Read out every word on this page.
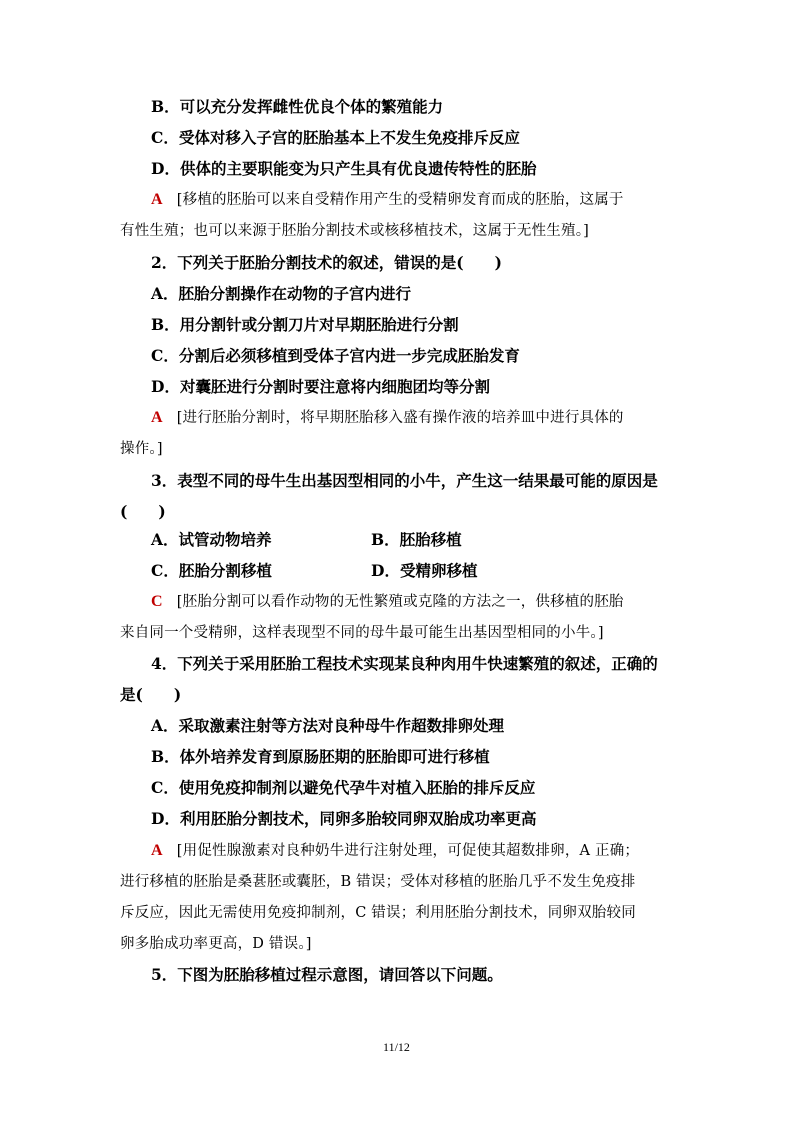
B．可以充分发挥雌性优良个体的繁殖能力
C．受体对移入子宫的胚胎基本上不发生免疫排斥反应
D．供体的主要职能变为只产生具有优良遗传特性的胚胎
A [移植的胚胎可以来自受精作用产生的受精卵发育而成的胚胎，这属于
有性生殖；也可以来源于胚胎分割技术或核移植技术，这属于无性生殖。]
2．下列关于胚胎分割技术的叙述，错误的是(　　)
A．胚胎分割操作在动物的子宫内进行
B．用分割针或分割刀片对早期胚胎进行分割
C．分割后必须移植到受体子宫内进一步完成胚胎发育
D．对囊胚进行分割时要注意将内细胞团均等分割
A [进行胚胎分割时，将早期胚胎移入盛有操作液的培养皿中进行具体的
操作。]
3．表型不同的母牛生出基因型相同的小牛，产生这一结果最可能的原因是
(　　)
A．试管动物培养	B．胚胎移植
C．胚胎分割移植	D．受精卵移植
C [胚胎分割可以看作动物的无性繁殖或克隆的方法之一，供移植的胚胎
来自同一个受精卵，这样表现型不同的母牛最可能生出基因型相同的小牛。]
4．下列关于采用胚胎工程技术实现某良种肉用牛快速繁殖的叙述，正确的
是(　　)
A．采取激素注射等方法对良种母牛作超数排卵处理
B．体外培养发育到原肠胚期的胚胎即可进行移植
C．使用免疫抑制剂以避免代孕牛对植入胚胎的排斥反应
D．利用胚胎分割技术，同卵多胎较同卵双胎成功率更高
A [用促性腺激素对良种奶牛进行注射处理，可促使其超数排卵，A 正确；
进行移植的胚胎是桑葚胚或囊胚，B 错误；受体对移植的胚胎几乎不发生免疫排
斥反应，因此无需使用免疫抑制剂，C 错误；利用胚胎分割技术，同卵双胎较同
卵多胎成功率更高，D 错误。]
5．下图为胚胎移植过程示意图，请回答以下问题。
11/12
